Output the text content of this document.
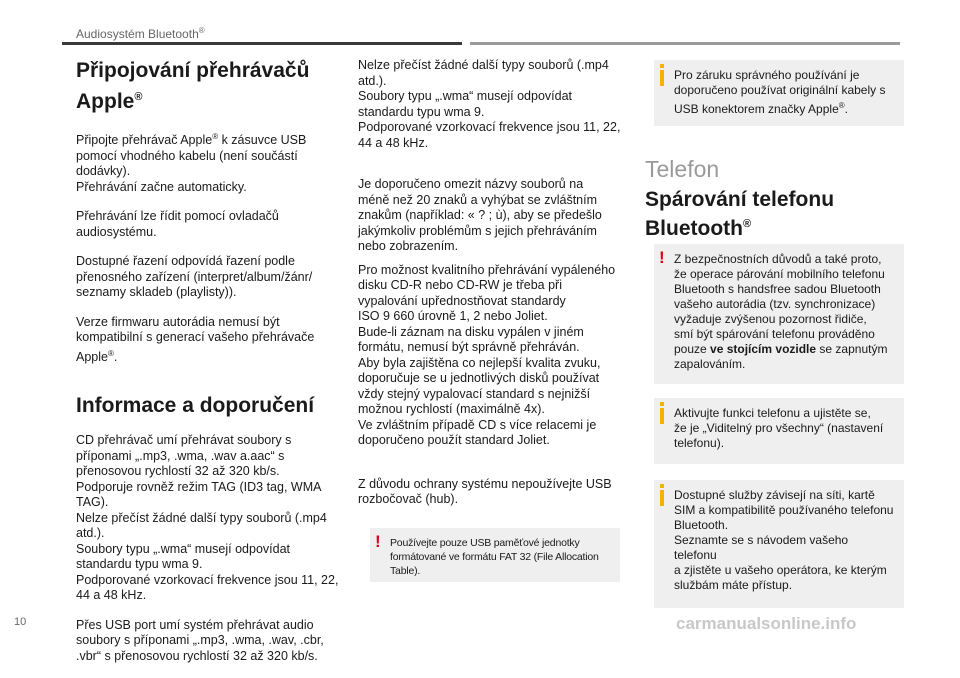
Audiosystém Bluetooth®
Připojování přehrávačů Apple®

Připojte přehrávač Apple® k zásuvce USB
pomocí vhodného kabelu (není součástí
dodávky).
Přehrávání začne automaticky.

Přehrávání lze řídit pomocí ovladačů
audiosystému.

Dostupné řazení odpovídá řazení podle
přenosného zařízení (interpret/album/žánr/
seznamy skladeb (playlisty)).

Verze firmwaru autorádia nemusí být
kompatibilní s generací vašeho přehrávače
Apple®.

Informace a doporučení

CD přehrávač umí přehrávat soubory s
příponami „.mp3, .wma, .wav a.aac“ s
přenosovou rychlostí 32 až 320 kb/s.
Podporuje rovněž režim TAG (ID3 tag, WMA
TAG).
Nelze přečíst žádné další typy souborů (.mp4
atd.).
Soubory typu „.wma“ musejí odpovídat
standardu typu wma 9.
Podporované vzorkovací frekvence jsou 11, 22,
44 a 48 kHz.

Přes USB port umí systém přehrávat audio
soubory s příponami „.mp3, .wma, .wav, .cbr,
.vbr“ s přenosovou rychlostí 32 až 320 kb/s.

Nelze přečíst žádné další typy souborů (.mp4
atd.).
Soubory typu „.wma“ musejí odpovídat
standardu typu wma 9.
Podporované vzorkovací frekvence jsou 11, 22,
44 a 48 kHz.

Je doporučeno omezit názvy souborů na
méně než 20 znaků a vyhýbat se zvláštním
znakům (například: « ? ; ù), aby se předešlo
jakýmkoliv problémům s jejich přehráváním
nebo zobrazením.

Pro možnost kvalitního přehrávání vypáleného
disku CD-R nebo CD-RW je třeba při
vypalování upřednostňovat standardy
ISO 9 660 úrovně 1, 2 nebo Joliet.
Bude-li záznam na disku vypálen v jiném
formátu, nemusí být správně přehráván.
Aby byla zajištěna co nejlepší kvalita zvuku,
doporučuje se u jednotlivých disků používat
vždy stejný vypalovací standard s nejnižší
možnou rychlostí (maximálně 4x).
Ve zvláštním případě CD s více relacemi je
doporučeno použít standard Joliet.

Z důvodu ochrany systému nepoužívejte USB
rozbočovač (hub).

! Používejte pouze USB paměťové jednotky
formátované ve formátu FAT 32 (File Allocation Table).

Pro záruku správného používání je
doporučeno používat originální kabely s
USB konektorem značky Apple®.

Telefon
Spárování telefonu
Bluetooth®
! Z bezpečnostních důvodů a také proto,
že operace párování mobilního telefonu
Bluetooth s handsfree sadou Bluetooth
vašeho autorádia (tzv. synchronizace)
vyžaduje zvýšenou pozornost řidiče,
smí být spárování telefonu prováděno
pouze ve stojícím vozidle se zapnutým
zapalováním.

Aktivujte funkci telefonu a ujistěte se,
že je „Viditelný pro všechny“ (nastavení
telefonu).

Dostupné služby závisejí na síti, kartě
SIM a kompatibilitě používaného telefonu
Bluetooth.
Seznamte se s návodem vašeho telefonu
a zjistěte u vašeho operátora, ke kterým
službám máte přístup.

10	carmanualsonline.info
